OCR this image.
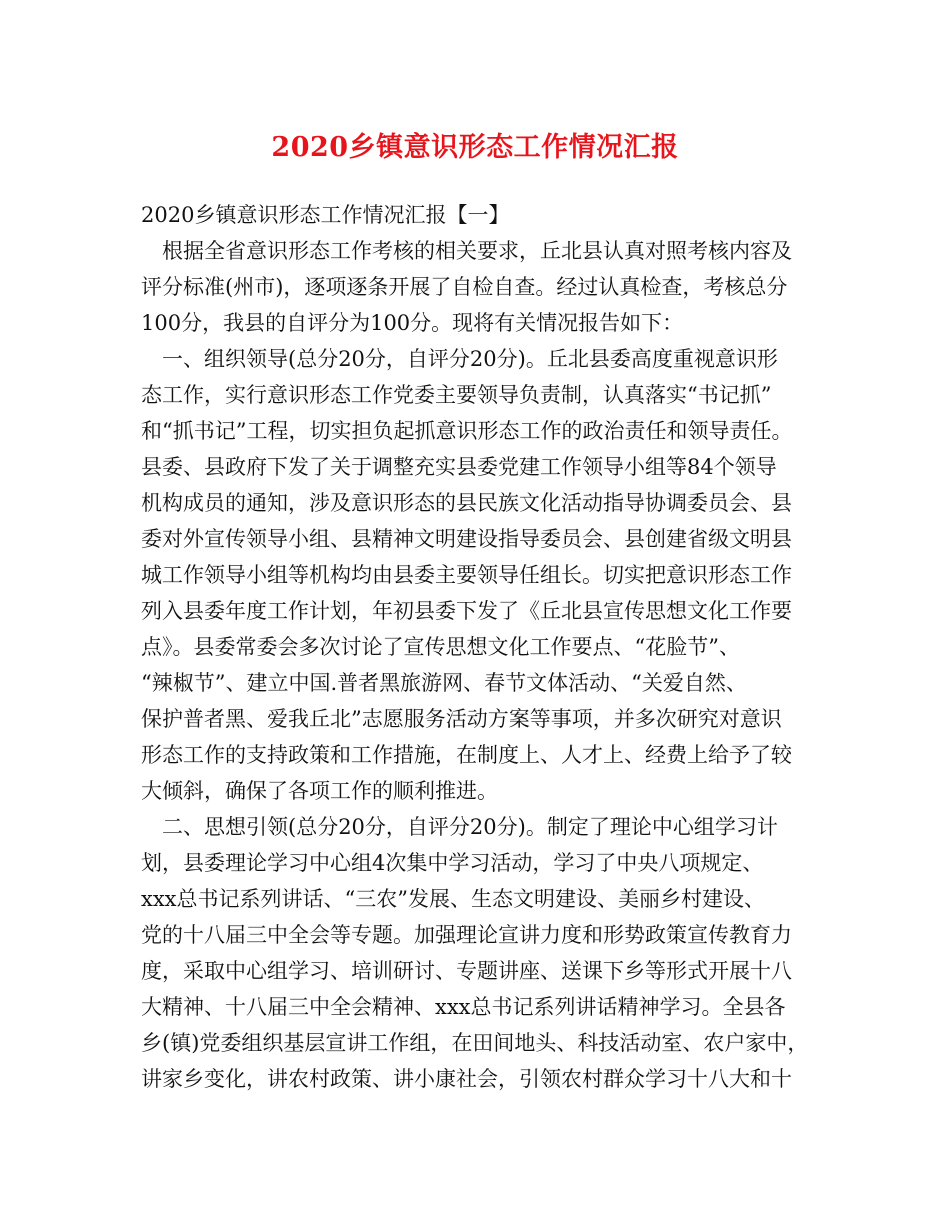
2020乡镇意识形态工作情况汇报
2020乡镇意识形态工作情况汇报【一】
根据全省意识形态工作考核的相关要求，丘北县认真对照考核内容及
评分标准(州市)，逐项逐条开展了自检自查。经过认真检查，考核总分
100分，我县的自评分为100分。现将有关情况报告如下：
一、组织领导(总分20分，自评分20分)。丘北县委高度重视意识形
态工作，实行意识形态工作党委主要领导负责制，认真落实“书记抓”
和“抓书记”工程，切实担负起抓意识形态工作的政治责任和领导责任。
县委、县政府下发了关于调整充实县委党建工作领导小组等84个领导
机构成员的通知，涉及意识形态的县民族文化活动指导协调委员会、县
委对外宣传领导小组、县精神文明建设指导委员会、县创建省级文明县
城工作领导小组等机构均由县委主要领导任组长。切实把意识形态工作
列入县委年度工作计划，年初县委下发了《丘北县宣传思想文化工作要
点》。县委常委会多次讨论了宣传思想文化工作要点、“花脸节”、
“辣椒节”、建立中国.普者黑旅游网、春节文体活动、“关爱自然、
保护普者黑、爱我丘北”志愿服务活动方案等事项，并多次研究对意识
形态工作的支持政策和工作措施，在制度上、人才上、经费上给予了较
大倾斜，确保了各项工作的顺利推进。
二、思想引领(总分20分，自评分20分)。制定了理论中心组学习计
划，县委理论学习中心组4次集中学习活动，学习了中央八项规定、
xxx总书记系列讲话、“三农”发展、生态文明建设、美丽乡村建设、
党的十八届三中全会等专题。加强理论宣讲力度和形势政策宣传教育力
度，采取中心组学习、培训研讨、专题讲座、送课下乡等形式开展十八
大精神、十八届三中全会精神、xxx总书记系列讲话精神学习。全县各
乡(镇)党委组织基层宣讲工作组，在田间地头、科技活动室、农户家中，
讲家乡变化，讲农村政策、讲小康社会，引领农村群众学习十八大和十
